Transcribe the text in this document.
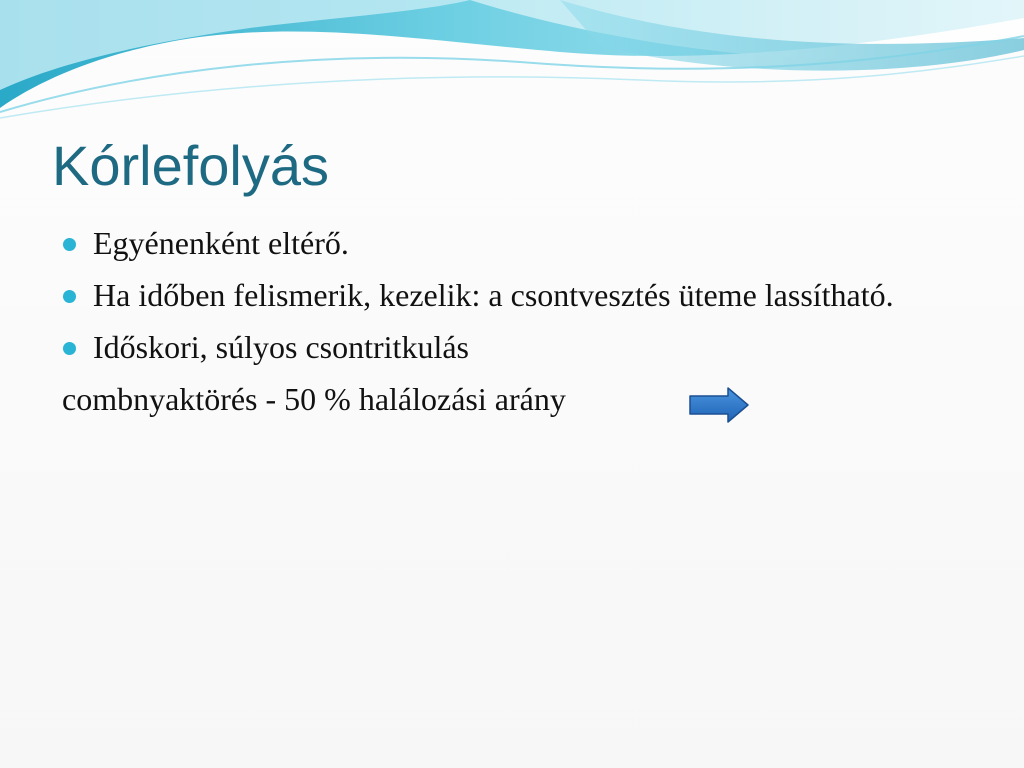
Kórlefolyás
Egyénenként eltérő.
Ha időben felismerik, kezelik: a csontvesztés üteme lassítható.
Időskori, súlyos csontritkulás

combnyaktörés - 50 % halálozási arány
